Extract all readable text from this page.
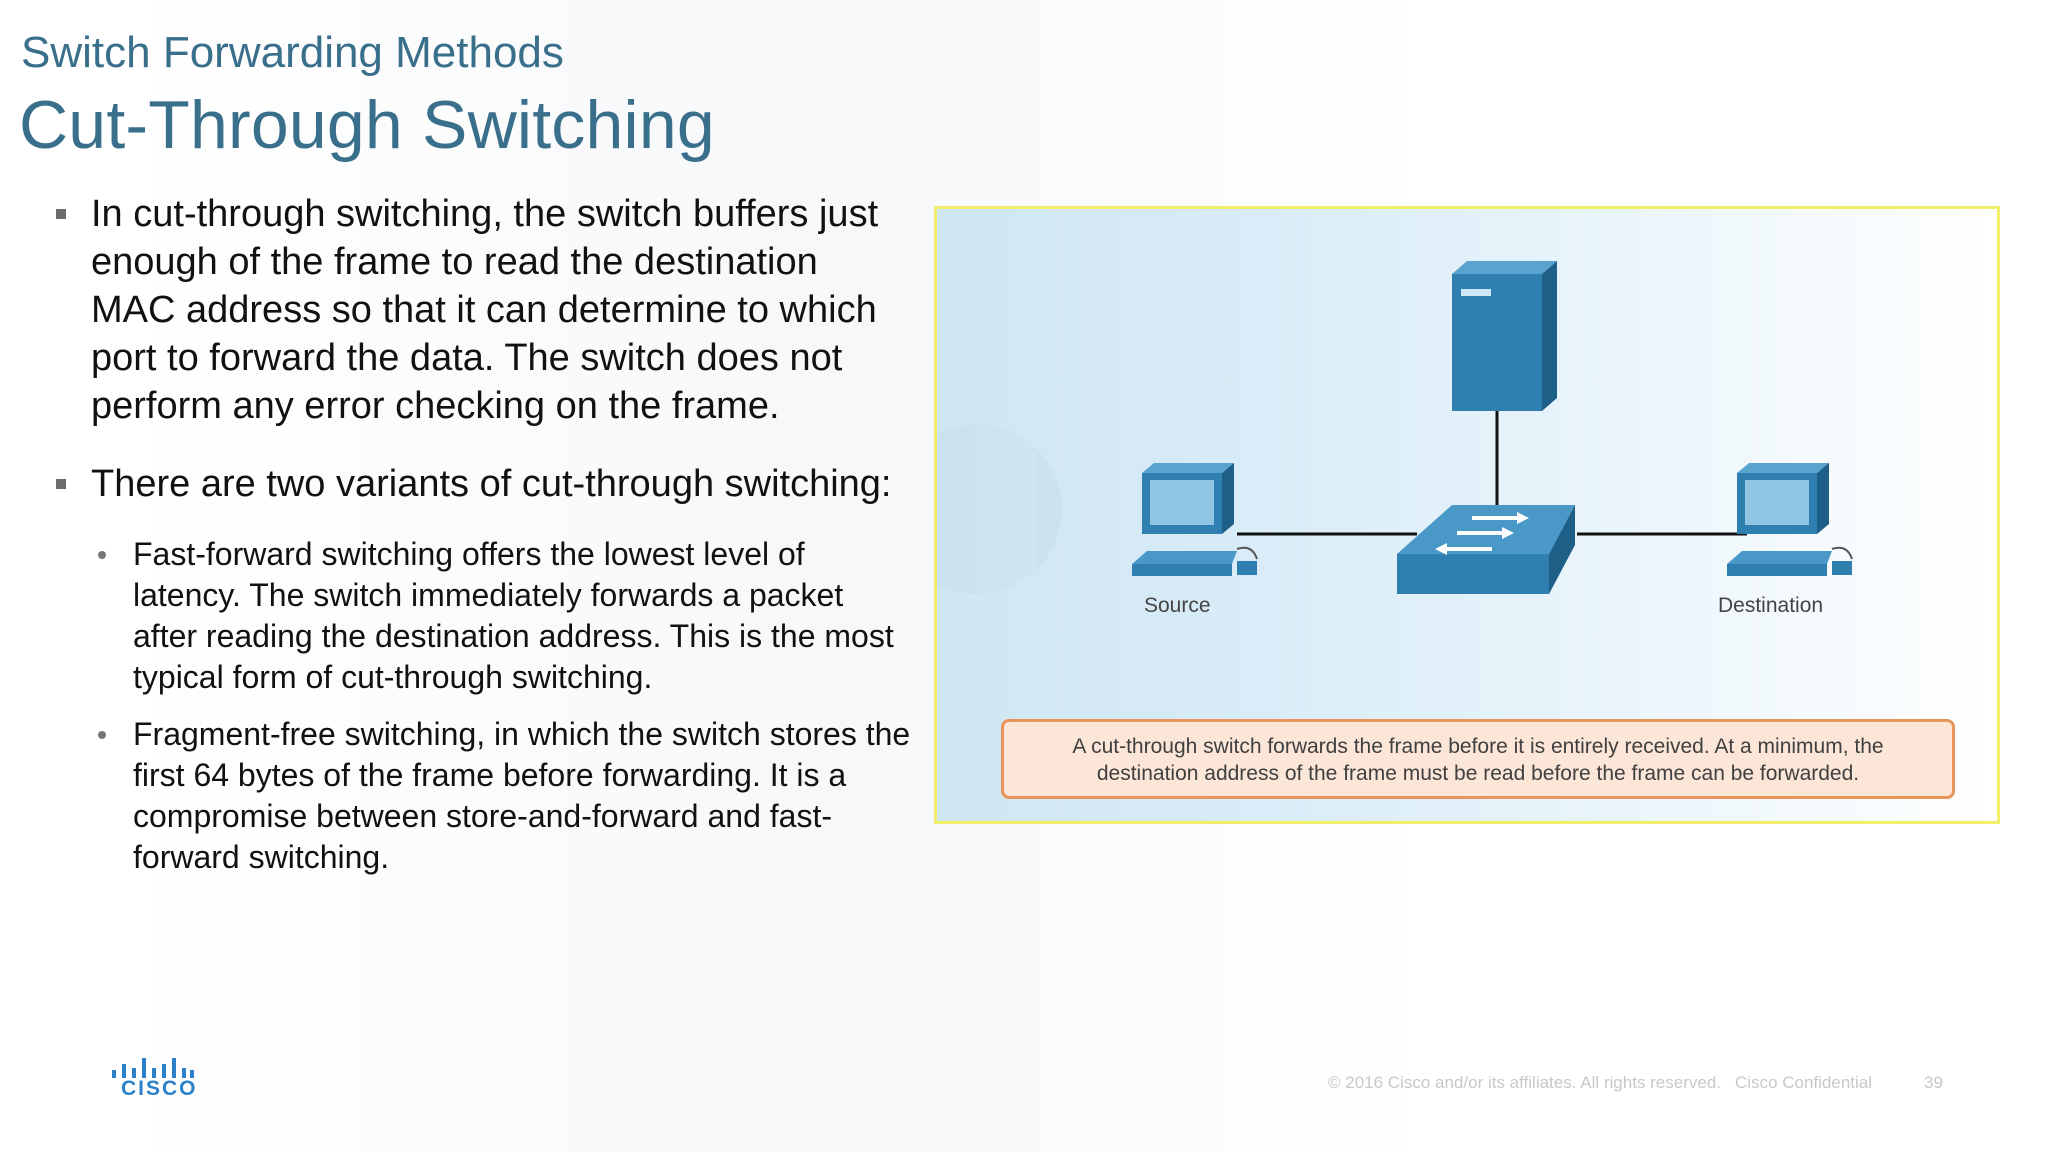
Switch Forwarding Methods
Cut-Through Switching
In cut-through switching, the switch buffers just enough of the frame to read the destination MAC address so that it can determine to which port to forward the data. The switch does not perform any error checking on the frame.
There are two variants of cut-through switching:
Fast-forward switching offers the lowest level of latency. The switch immediately forwards a packet after reading the destination address. This is the most typical form of cut-through switching.
Fragment-free switching, in which the switch stores the first 64 bytes of the frame before forwarding. It is a compromise between store-and-forward and fast-forward switching.
Source	Destination
A cut-through switch forwards the frame before it is entirely received. At a minimum, the
destination address of the frame must be read before the frame can be forwarded.
CISCO	© 2016 Cisco and/or its affiliates. All rights reserved. Cisco Confidential	39
